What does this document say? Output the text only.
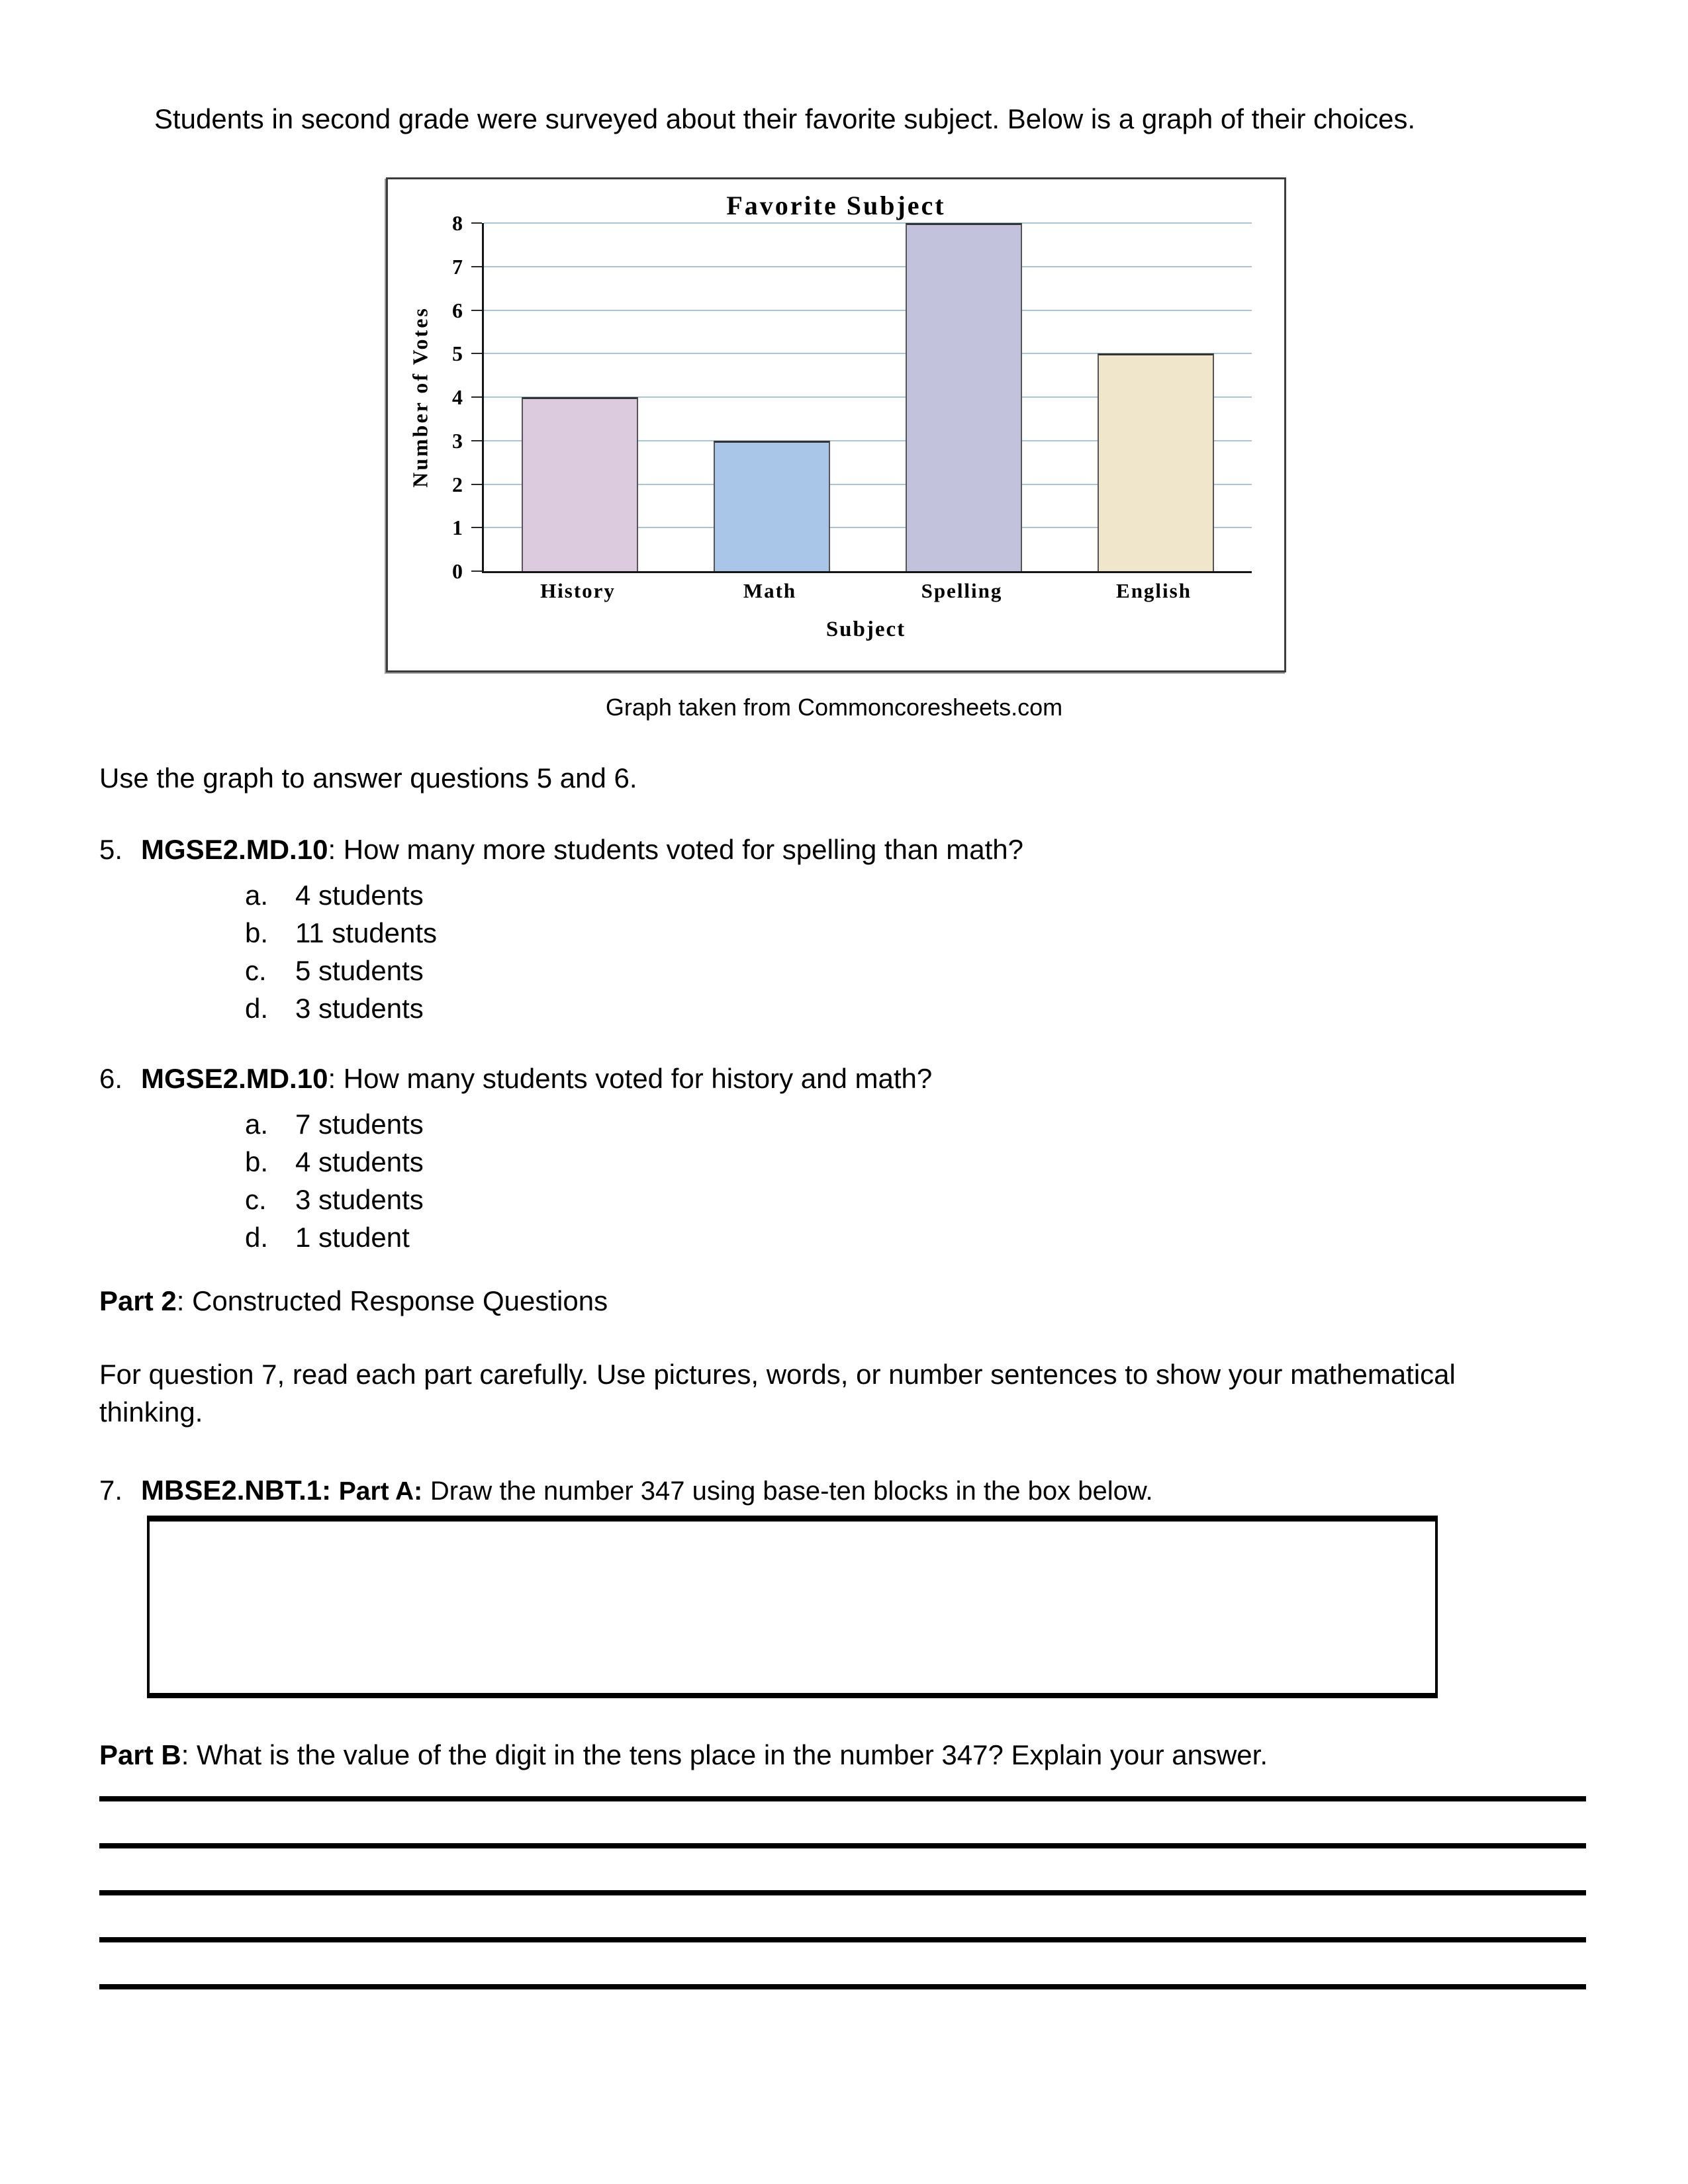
Students in second grade were surveyed about their favorite subject. Below is a graph of their choices.
Favorite Subject
Number of Votes
0
1
2
3
4
5
6
7
8
History	Math	Spelling	English
Subject
Graph taken from Commoncoresheets.com
Use the graph to answer questions 5 and 6.
5. MGSE2.MD.10: How many more students voted for spelling than math?
a. 4 students
b. 11 students
c. 5 students
d. 3 students
6. MGSE2.MD.10: How many students voted for history and math?
a. 7 students
b. 4 students
c. 3 students
d. 1 student
Part 2: Constructed Response Questions
For question 7, read each part carefully. Use pictures, words, or number sentences to show your mathematical thinking.
7. MBSE2.NBT.1: Part A: Draw the number 347 using base-ten blocks in the box below.
Part B: What is the value of the digit in the tens place in the number 347? Explain your answer.
